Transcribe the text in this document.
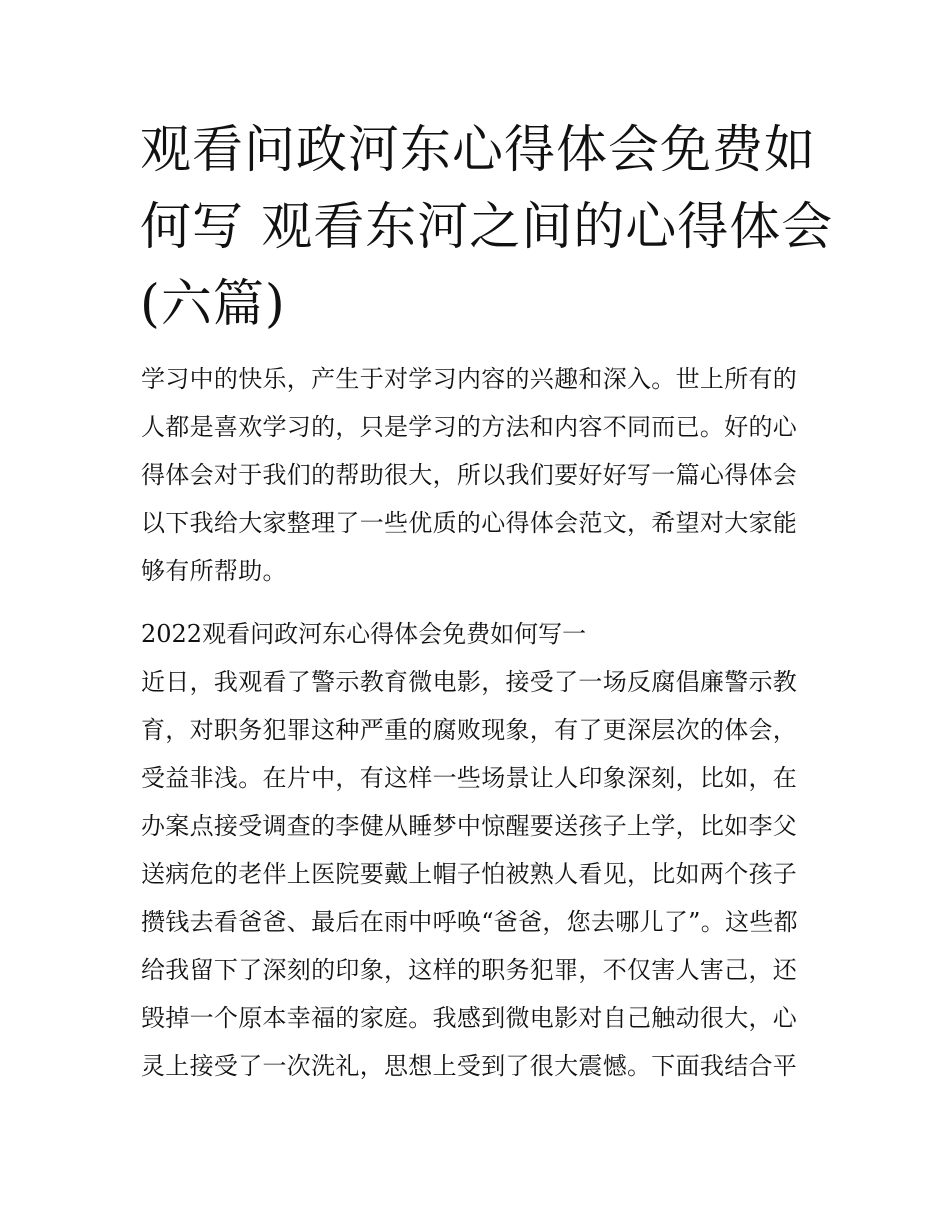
观看问政河东心得体会免费如
何写 观看东河之间的心得体会
(六篇)

学习中的快乐，产生于对学习内容的兴趣和深入。世上所有的
人都是喜欢学习的，只是学习的方法和内容不同而已。好的心
得体会对于我们的帮助很大，所以我们要好好写一篇心得体会
以下我给大家整理了一些优质的心得体会范文，希望对大家能
够有所帮助。

2022观看问政河东心得体会免费如何写一

近日，我观看了警示教育微电影，接受了一场反腐倡廉警示教
育，对职务犯罪这种严重的腐败现象，有了更深层次的体会，
受益非浅。在片中，有这样一些场景让人印象深刻，比如，在
办案点接受调查的李健从睡梦中惊醒要送孩子上学，比如李父
送病危的老伴上医院要戴上帽子怕被熟人看见，比如两个孩子
攒钱去看爸爸、最后在雨中呼唤“爸爸，您去哪儿了”。这些都
给我留下了深刻的印象，这样的职务犯罪，不仅害人害己，还
毁掉一个原本幸福的家庭。我感到微电影对自己触动很大，心
灵上接受了一次洗礼，思想上受到了很大震憾。下面我结合平
